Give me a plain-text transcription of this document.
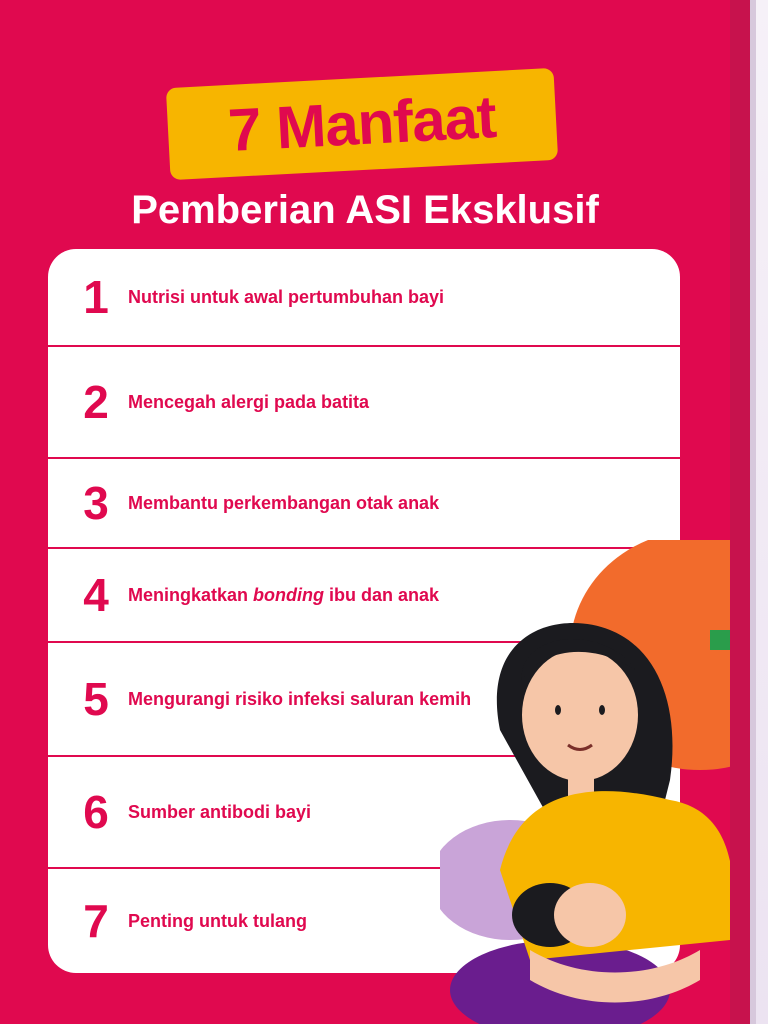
7 Manfaat
Pemberian ASI Eksklusif
1	Nutrisi untuk awal pertumbuhan bayi
2	Mencegah alergi pada batita
3	Membantu perkembangan otak anak
4	Meningkatkan bonding ibu dan anak
5	Mengurangi risiko infeksi saluran kemih
6	Sumber antibodi bayi
7	Penting untuk tulang
